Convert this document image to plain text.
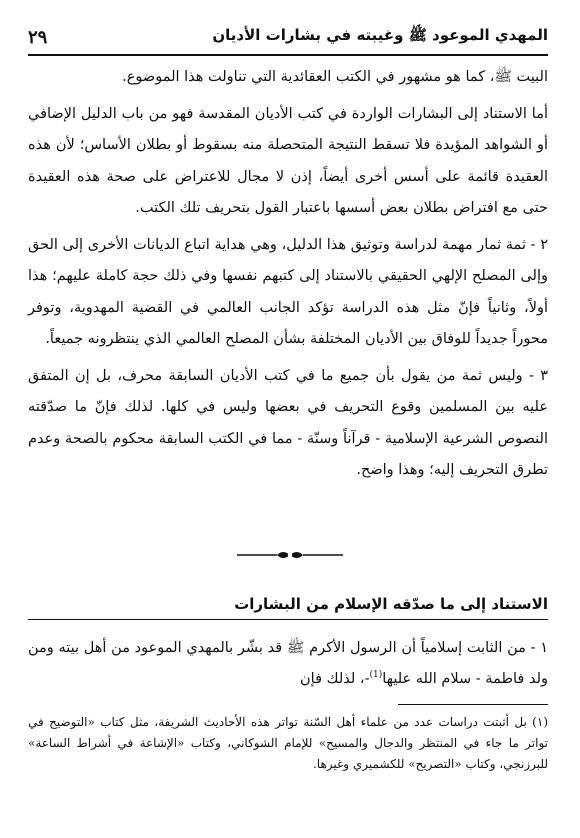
المهدي الموعود ﷺ وغيبته في بشارات الأديان
٢٩

البيت ﷺ، كما هو مشهور في الكتب العقائدية التي تناولت هذا الموضوع.

أما الاستناد إلى البشارات الواردة في كتب الأديان المقدسة فهو من باب الدليل الإضافي أو الشواهد المؤيدة فلا تسقط النتيجة المتحصلة منه بسقوط أو بطلان الأساس؛ لأن هذه العقيدة قائمة على أسس أخرى أيضاً، إذن لا مجال للاعتراض على صحة هذه العقيدة حتى مع افتراض بطلان بعض أسسها باعتبار القول بتحريف تلك الكتب.

٢ - ثمة ثمار مهمة لدراسة وتوثيق هذا الدليل، وهي هداية اتباع الديانات الأخرى إلى الحق وإلى المصلح الإلهي الحقيقي بالاستناد إلى كتبهم نفسها وفي ذلك حجة كاملة عليهم؛ هذا أولاً، وثانياً فإنّ مثل هذه الدراسة تؤكد الجانب العالمي في القضية المهدوية، وتوفر محوراً جديداً للوفاق بين الأديان المختلفة بشأن المصلح العالمي الذي ينتظرونه جميعاً.

٣ - وليس ثمة من يقول بأن جميع ما في كتب الأديان السابقة محرف، بل إن المتفق عليه بين المسلمين وقوع التحريف في بعضها وليس في كلها. لذلك فإنّ ما صدّقته النصوص الشرعية الإسلامية - قرآناً وسنّة - مما في الكتب السابقة محكوم بالصحة وعدم تطرق التحريف إليه؛ وهذا واضح.

الاستناد إلى ما صدّقه الإسلام من البشارات

١ - من الثابت إسلامياً أن الرسول الأكرم ﷺ قد بشّر بالمهدي الموعود من أهل بيته ومن ولد فاطمة - سلام الله عليها$^{(1)}$-، لذلك فإن

(١) بل أثبتت دراسات عدد من علماء أهل السّنة تواتر هذه الأحاديث الشريفة، مثل كتاب «التوضيح في تواتر ما جاء في المنتظر والدجال والمسيح» للإمام الشوكاني، وكتاب «الإشاعة في أشراط الساعة» للبرزنجي، وكتاب «التصريح» للكشميري وغيرها.
